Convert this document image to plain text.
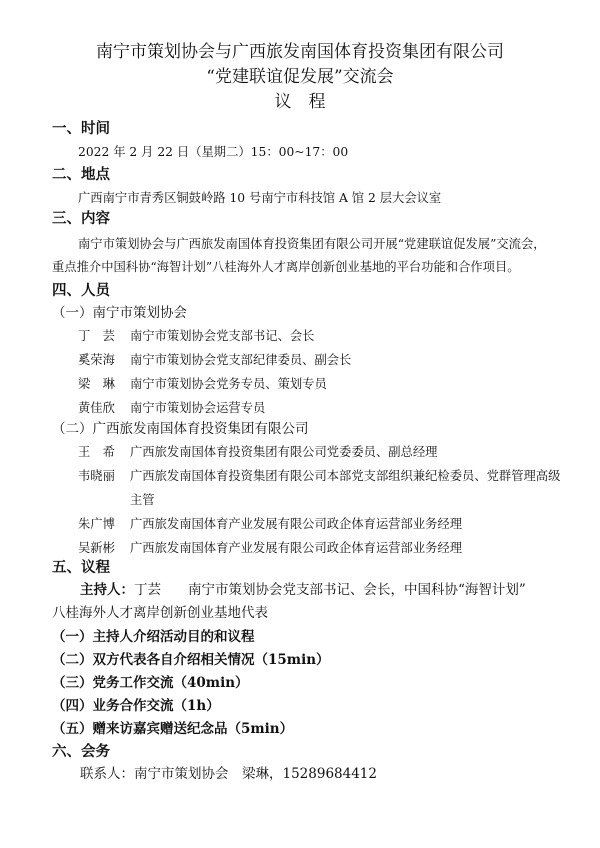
南宁市策划协会与广西旅发南国体育投资集团有限公司
“党建联谊促发展”交流会
议　程
一、时间
2022 年 2 月 22 日（星期二）15：00~17：00
二、地点
广西南宁市青秀区铜鼓岭路 10 号南宁市科技馆 A 馆 2 层大会议室
三、内容
南宁市策划协会与广西旅发南国体育投资集团有限公司开展“党建联谊促发展”交流会，
重点推介中国科协“海智计划”八桂海外人才离岸创新创业基地的平台功能和合作项目。
四、人员
（一）南宁市策划协会
丁　芸 南宁市策划协会党支部书记、会长
奚荣海 南宁市策划协会党支部纪律委员、副会长
梁　琳 南宁市策划协会党务专员、策划专员
黄佳欣 南宁市策划协会运营专员
（二）广西旅发南国体育投资集团有限公司
王　希 广西旅发南国体育投资集团有限公司党委委员、副总经理
韦晓丽 广西旅发南国体育投资集团有限公司本部党支部组织兼纪检委员、党群管理高级
主管
朱广博 广西旅发南国体育产业发展有限公司政企体育运营部业务经理
吴新彬 广西旅发南国体育产业发展有限公司政企体育运营部业务经理
五、议程
主持人： 丁芸 南宁市策划协会党支部书记、会长，中国科协“海智计划”
八桂海外人才离岸创新创业基地代表
（一）主持人介绍活动目的和议程
（二）双方代表各自介绍相关情况（15min）
（三）党务工作交流（40min）
（四）业务合作交流（1h）
（五）赠来访嘉宾赠送纪念品（5min）
六、会务
联系人：南宁市策划协会　梁琳，15289684412
